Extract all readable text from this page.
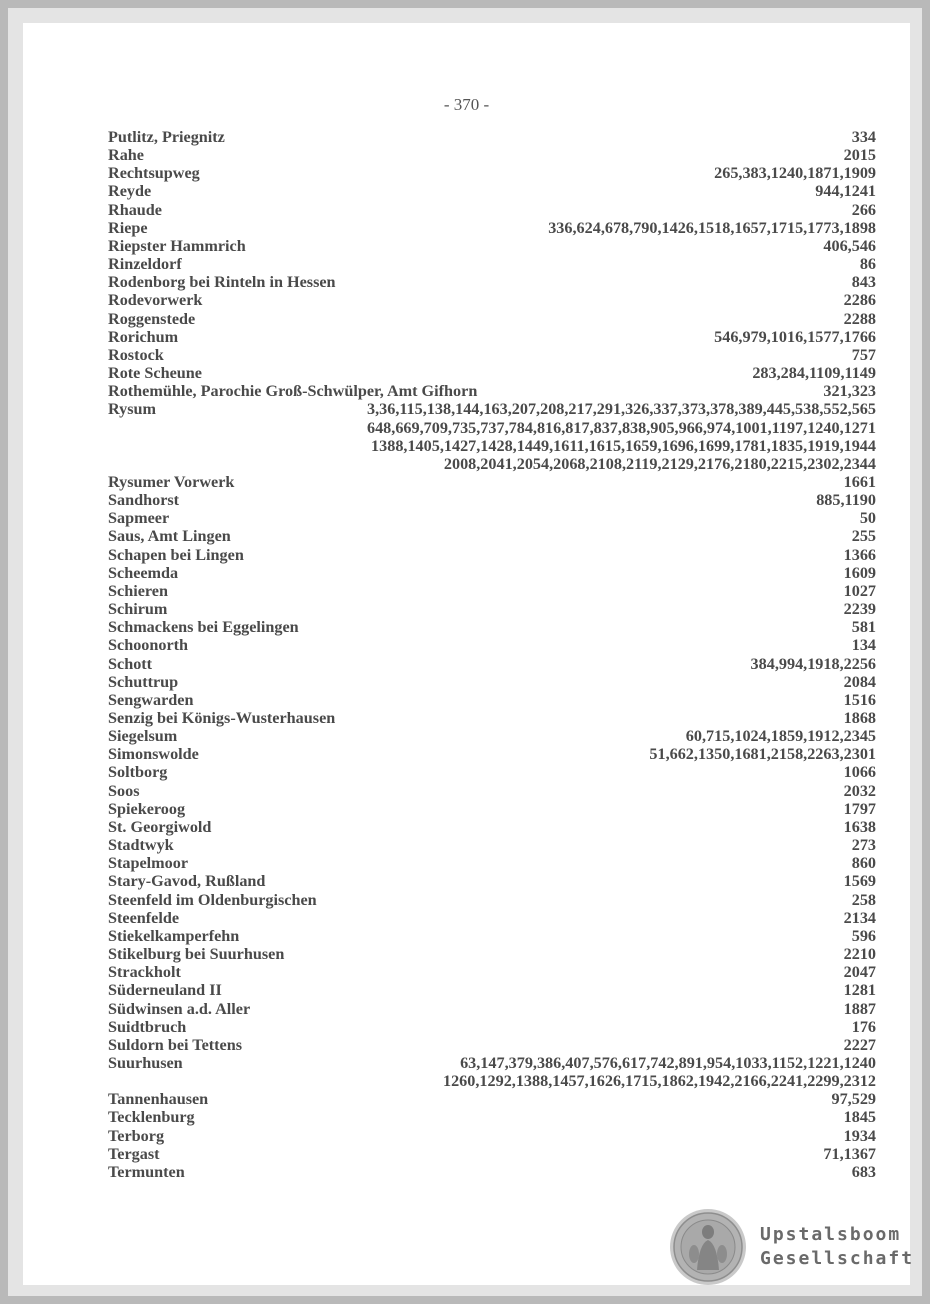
- 370 -
Putlitz, Priegnitz	334
Rahe	2015
Rechtsupweg	265,383,1240,1871,1909
Reyde	944,1241
Rhaude	266
Riepe	336,624,678,790,1426,1518,1657,1715,1773,1898
Riepster Hammrich	406,546
Rinzeldorf	86
Rodenborg bei Rinteln in Hessen	843
Rodevorwerk	2286
Roggenstede	2288
Rorichum	546,979,1016,1577,1766
Rostock	757
Rote Scheune	283,284,1109,1149
Rothemühle, Parochie Groß-Schwülper, Amt Gifhorn	321,323
Rysum	3,36,115,138,144,163,207,208,217,291,326,337,373,378,389,445,538,552,565
648,669,709,735,737,784,816,817,837,838,905,966,974,1001,1197,1240,1271
1388,1405,1427,1428,1449,1611,1615,1659,1696,1699,1781,1835,1919,1944
2008,2041,2054,2068,2108,2119,2129,2176,2180,2215,2302,2344
Rysumer Vorwerk	1661
Sandhorst	885,1190
Sapmeer	50
Saus, Amt Lingen	255
Schapen bei Lingen	1366
Scheemda	1609
Schieren	1027
Schirum	2239
Schmackens bei Eggelingen	581
Schoonorth	134
Schott	384,994,1918,2256
Schuttrup	2084
Sengwarden	1516
Senzig bei Königs-Wusterhausen	1868
Siegelsum	60,715,1024,1859,1912,2345
Simonswolde	51,662,1350,1681,2158,2263,2301
Soltborg	1066
Soos	2032
Spiekeroog	1797
St. Georgiwold	1638
Stadtwyk	273
Stapelmoor	860
Stary-Gavod, Rußland	1569
Steenfeld im Oldenburgischen	258
Steenfelde	2134
Stiekelkamperfehn	596
Stikelburg bei Suurhusen	2210
Strackholt	2047
Süderneuland II	1281
Südwinsen a.d. Aller	1887
Suidtbruch	176
Suldorn bei Tettens	2227
Suurhusen	63,147,379,386,407,576,617,742,891,954,1033,1152,1221,1240
1260,1292,1388,1457,1626,1715,1862,1942,2166,2241,2299,2312
Tannenhausen	97,529
Tecklenburg	1845
Terborg	1934
Tergast	71,1367
Termunten	683
Upstalsboom
Gesellschaft
